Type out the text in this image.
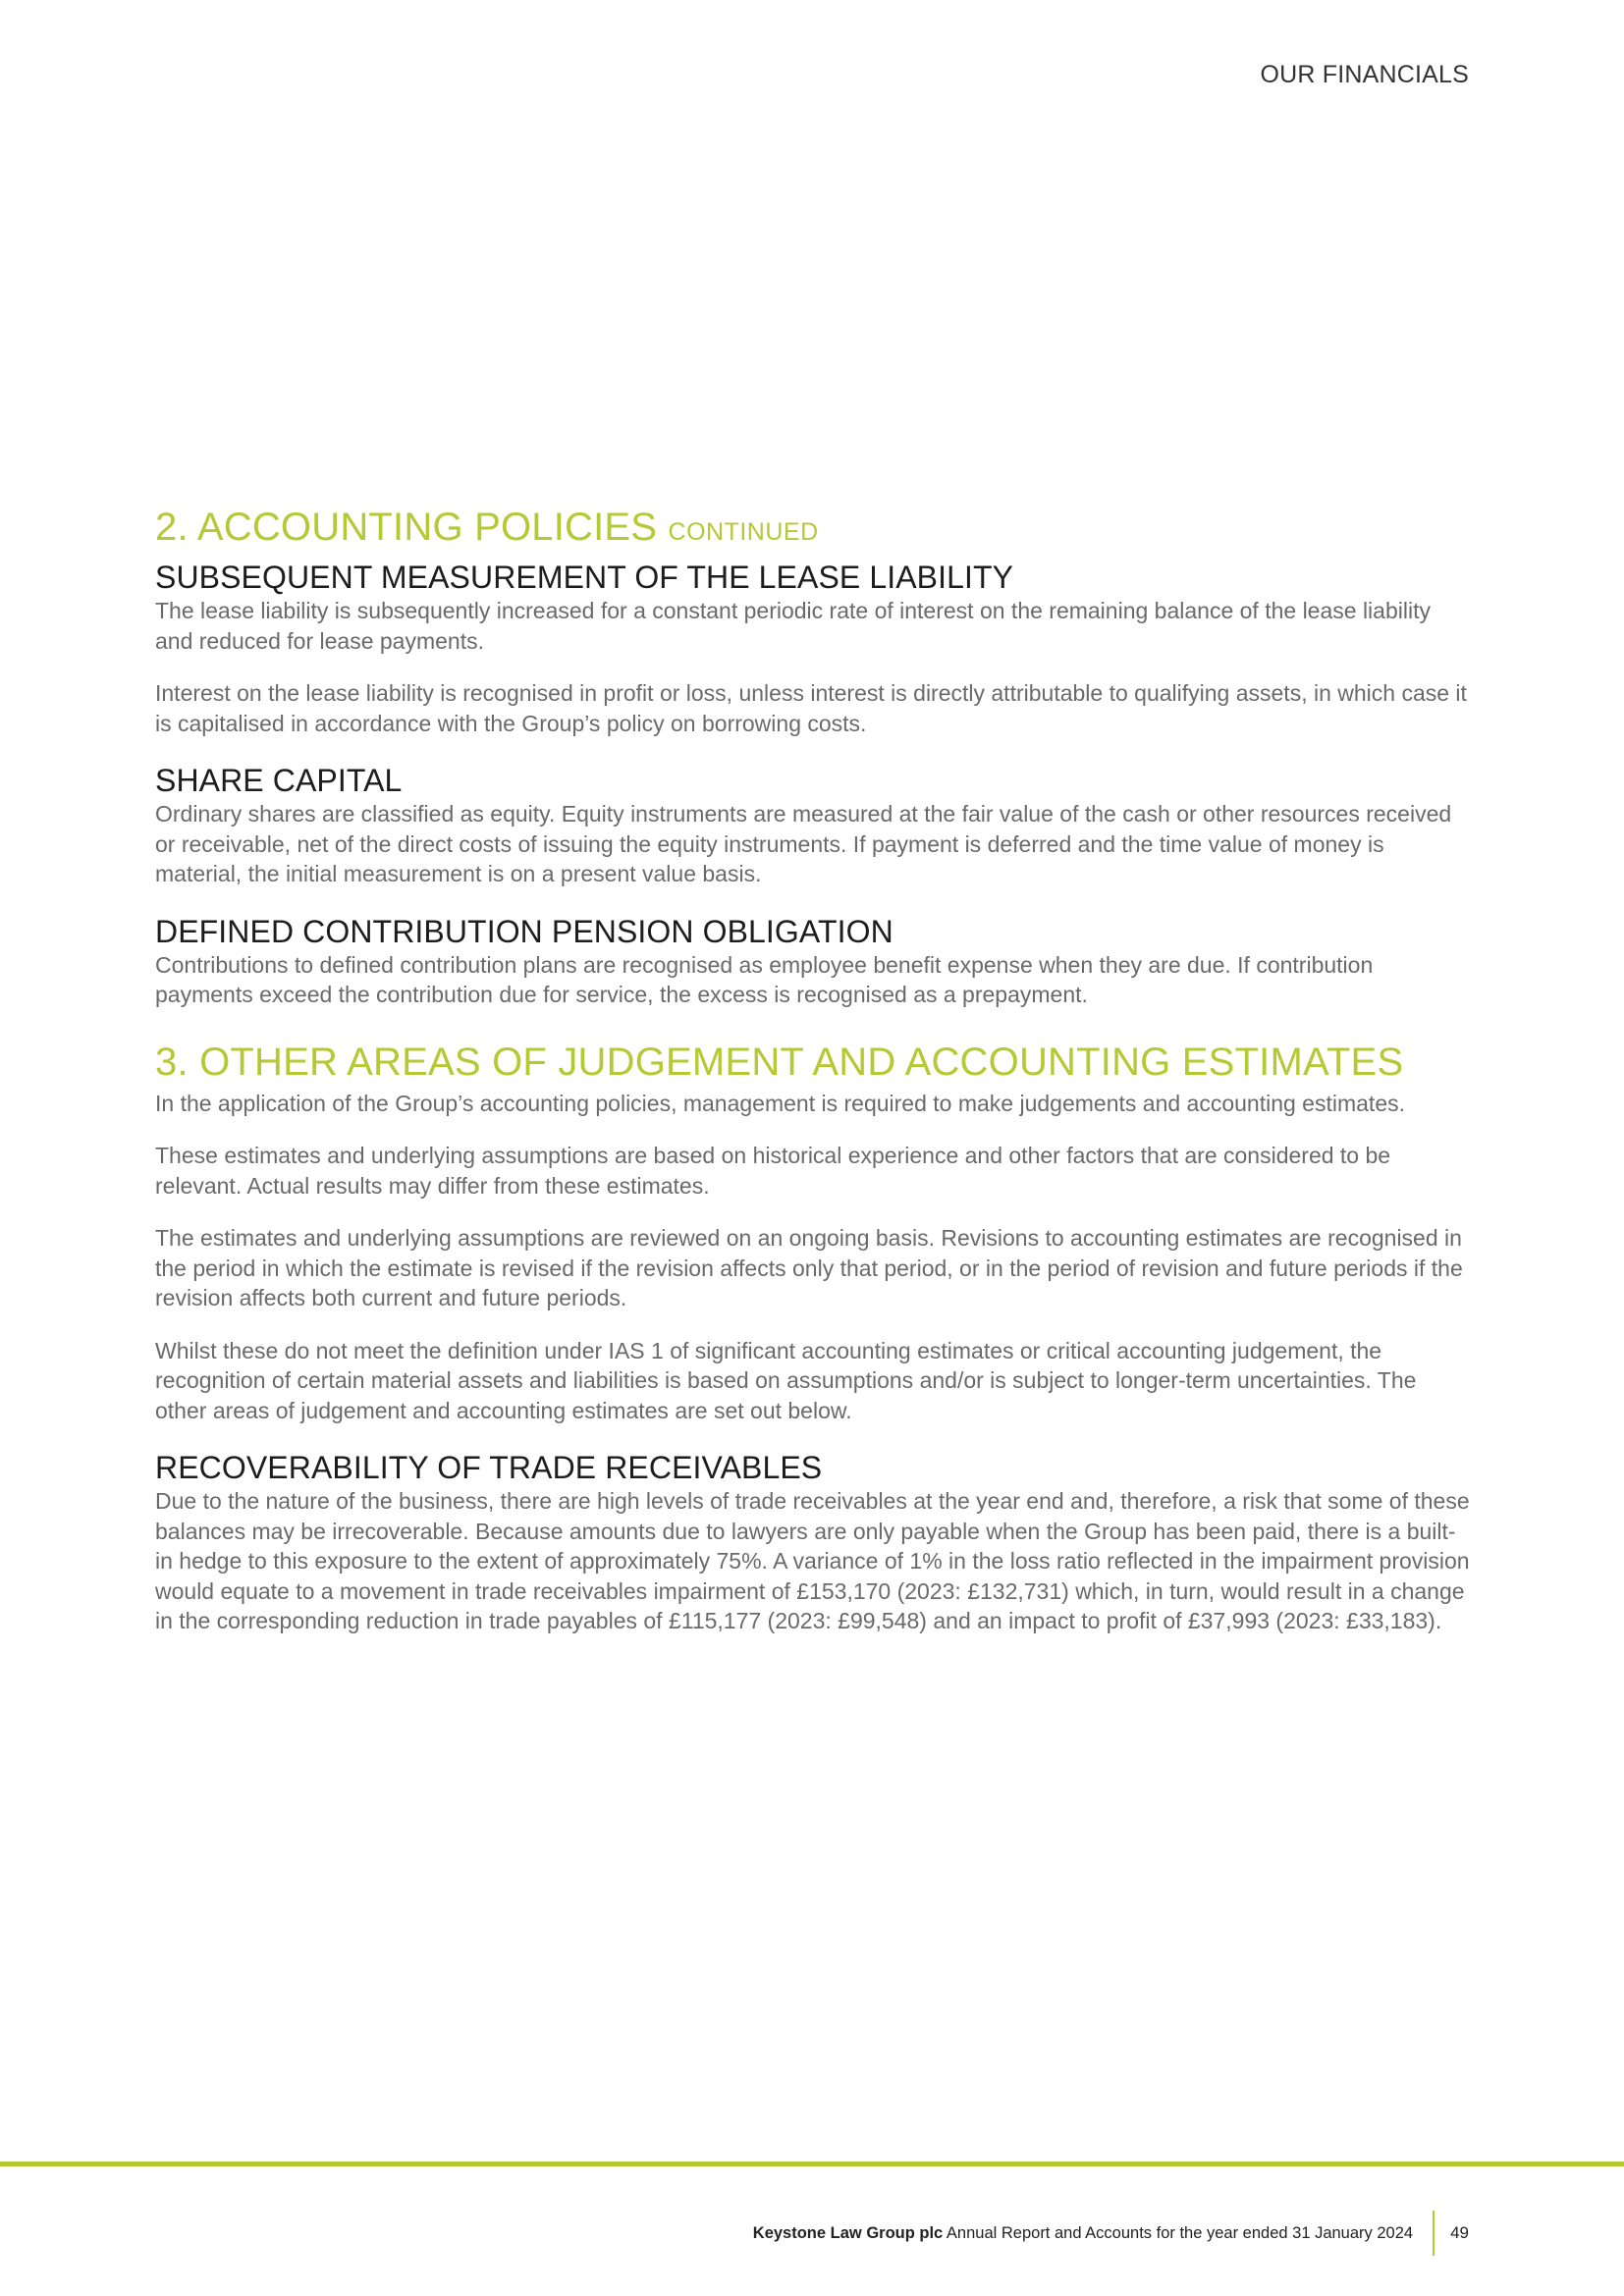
OUR FINANCIALS
2. ACCOUNTING POLICIES CONTINUED
SUBSEQUENT MEASUREMENT OF THE LEASE LIABILITY

The lease liability is subsequently increased for a constant periodic rate of interest on the remaining balance of the lease liability and reduced for lease payments.

Interest on the lease liability is recognised in profit or loss, unless interest is directly attributable to qualifying assets, in which case it is capitalised in accordance with the Group’s policy on borrowing costs.

SHARE CAPITAL

Ordinary shares are classified as equity. Equity instruments are measured at the fair value of the cash or other resources received or receivable, net of the direct costs of issuing the equity instruments. If payment is deferred and the time value of money is material, the initial measurement is on a present value basis.

DEFINED CONTRIBUTION PENSION OBLIGATION

Contributions to defined contribution plans are recognised as employee benefit expense when they are due. If contribution payments exceed the contribution due for service, the excess is recognised as a prepayment.

3. OTHER AREAS OF JUDGEMENT AND ACCOUNTING ESTIMATES

In the application of the Group’s accounting policies, management is required to make judgements and accounting estimates.

These estimates and underlying assumptions are based on historical experience and other factors that are considered to be relevant. Actual results may differ from these estimates.

The estimates and underlying assumptions are reviewed on an ongoing basis. Revisions to accounting estimates are recognised in the period in which the estimate is revised if the revision affects only that period, or in the period of revision and future periods if the revision affects both current and future periods.

Whilst these do not meet the definition under IAS 1 of significant accounting estimates or critical accounting judgement, the recognition of certain material assets and liabilities is based on assumptions and/or is subject to longer-term uncertainties. The other areas of judgement and accounting estimates are set out below.

RECOVERABILITY OF TRADE RECEIVABLES

Due to the nature of the business, there are high levels of trade receivables at the year end and, therefore, a risk that some of these balances may be irrecoverable. Because amounts due to lawyers are only payable when the Group has been paid, there is a built-in hedge to this exposure to the extent of approximately 75%. A variance of 1% in the loss ratio reflected in the impairment provision would equate to a movement in trade receivables impairment of £153,170 (2023: £132,731) which, in turn, would result in a change in the corresponding reduction in trade payables of £115,177 (2023: £99,548) and an impact to profit of £37,993 (2023: £33,183).

Keystone Law Group plc Annual Report and Accounts for the year ended 31 January 2024 49
